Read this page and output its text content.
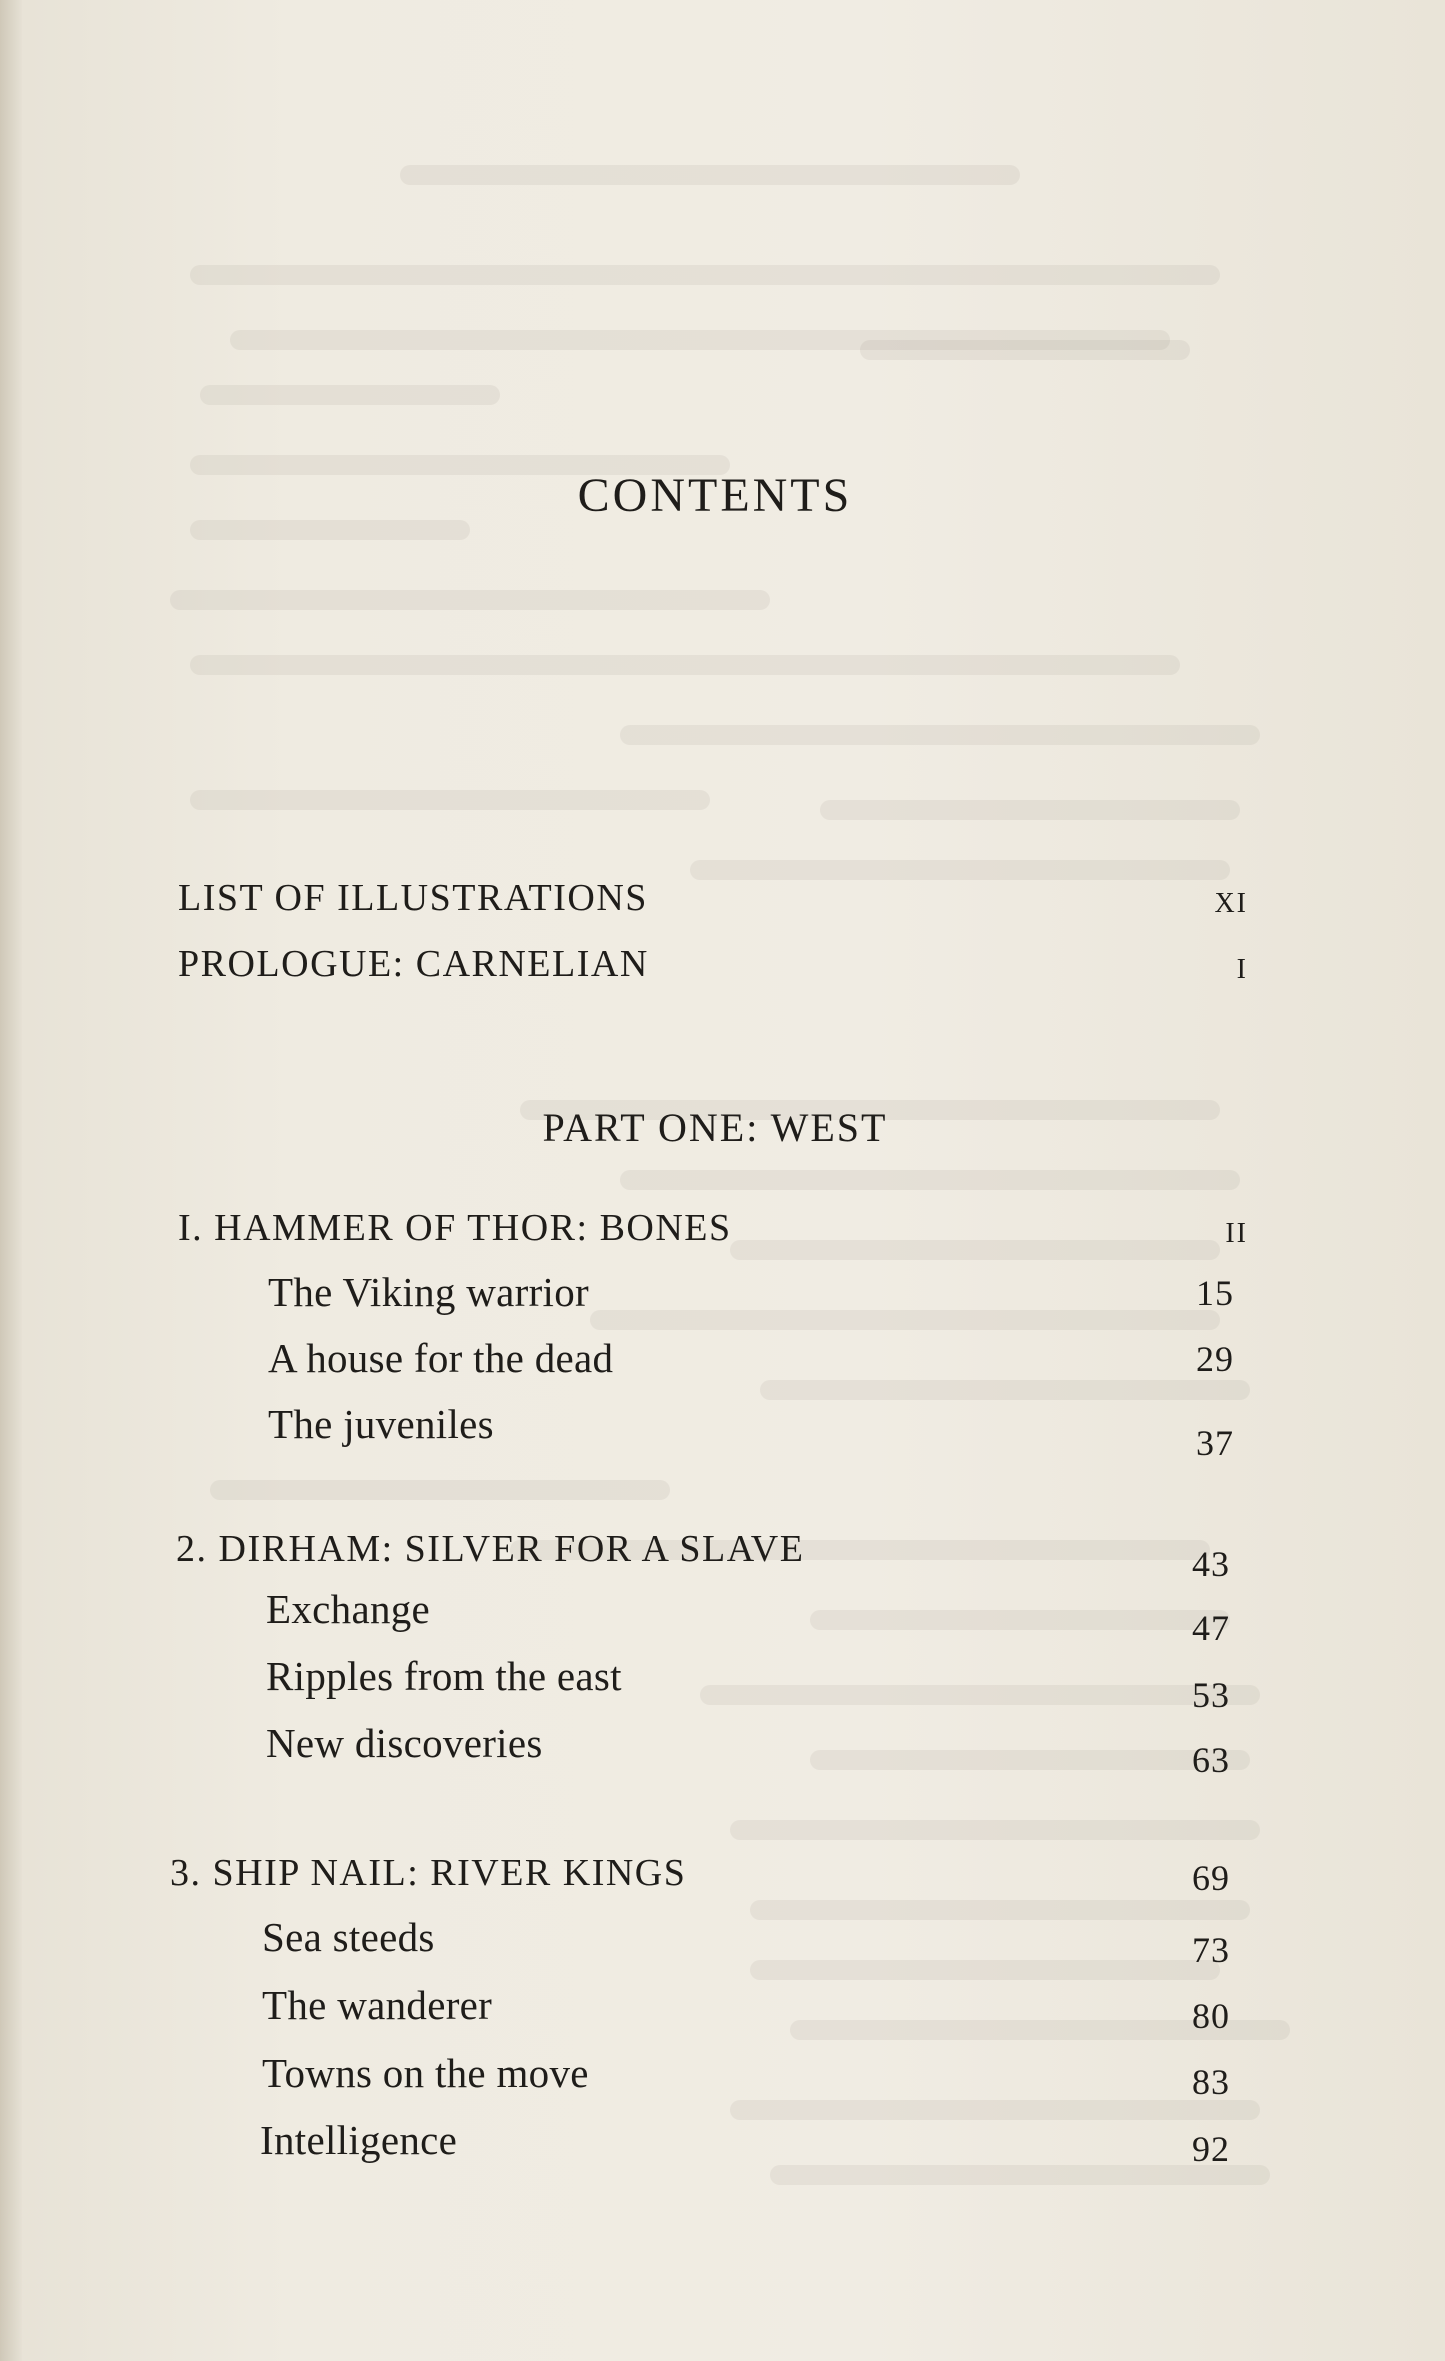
CONTENTS
LIST OF ILLUSTRATIONS	XI
PROLOGUE: CARNELIAN	I
PART ONE: WEST
I. HAMMER OF THOR: BONES	II
The Viking warrior	15
A house for the dead	29
The juveniles	37
2. DIRHAM: SILVER FOR A SLAVE	43
Exchange	47
Ripples from the east	53
New discoveries	63
3. SHIP NAIL: RIVER KINGS	69
Sea steeds	73
The wanderer	80
Towns on the move	83
Intelligence	92
